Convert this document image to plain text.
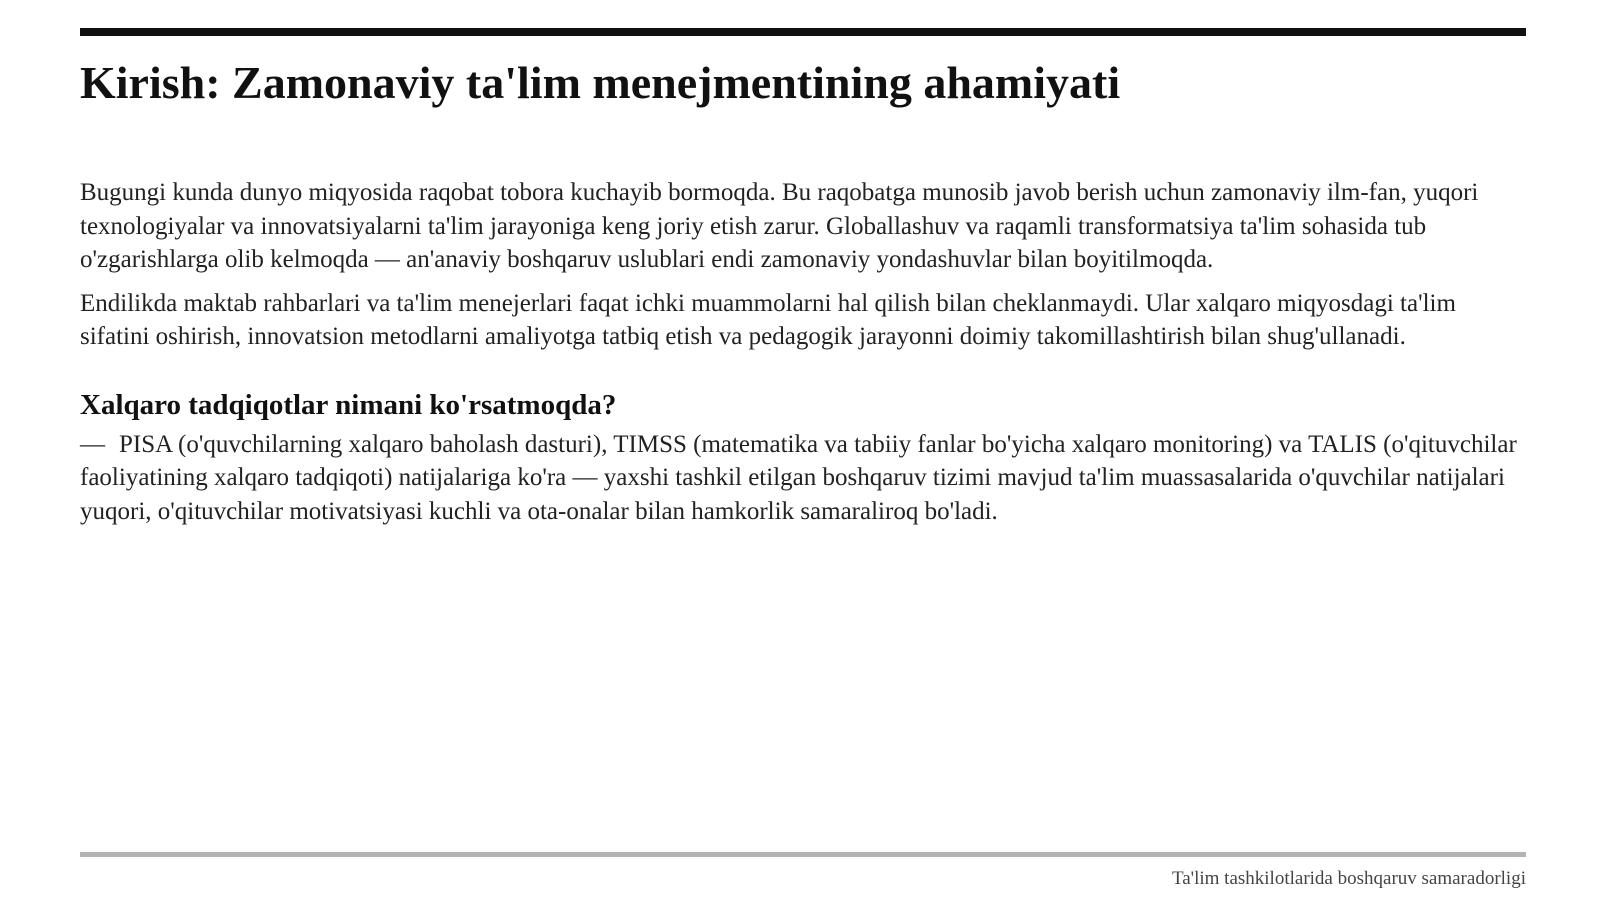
Kirish: Zamonaviy ta'lim menejmentining ahamiyati

Bugungi kunda dunyo miqyosida raqobat tobora kuchayib bormoqda. Bu raqobatga munosib javob berish uchun zamonaviy ilm-fan, yuqori texnologiyalar va innovatsiyalarni ta'lim jarayoniga keng joriy etish zarur. Globallashuv va raqamli transformatsiya ta'lim sohasida tub o'zgarishlarga olib kelmoqda — an'anaviy boshqaruv uslublari endi zamonaviy yondashuvlar bilan boyitilmoqda.

Endilikda maktab rahbarlari va ta'lim menejerlari faqat ichki muammolarni hal qilish bilan cheklanmaydi. Ular xalqaro miqyosdagi ta'lim sifatini oshirish, innovatsion metodlarni amaliyotga tatbiq etish va pedagogik jarayonni doimiy takomillashtirish bilan shug'ullanadi.

Xalqaro tadqiqotlar nimani ko'rsatmoqda?

— PISA (o'quvchilarning xalqaro baholash dasturi), TIMSS (matematika va tabiiy fanlar bo'yicha xalqaro monitoring) va TALIS (o'qituvchilar faoliyatining xalqaro tadqiqoti) natijalariga ko'ra — yaxshi tashkil etilgan boshqaruv tizimi mavjud ta'lim muassasalarida o'quvchilar natijalari yuqori, o'qituvchilar motivatsiyasi kuchli va ota-onalar bilan hamkorlik samaraliroq bo'ladi.

Ta'lim tashkilotlarida boshqaruv samaradorligi
